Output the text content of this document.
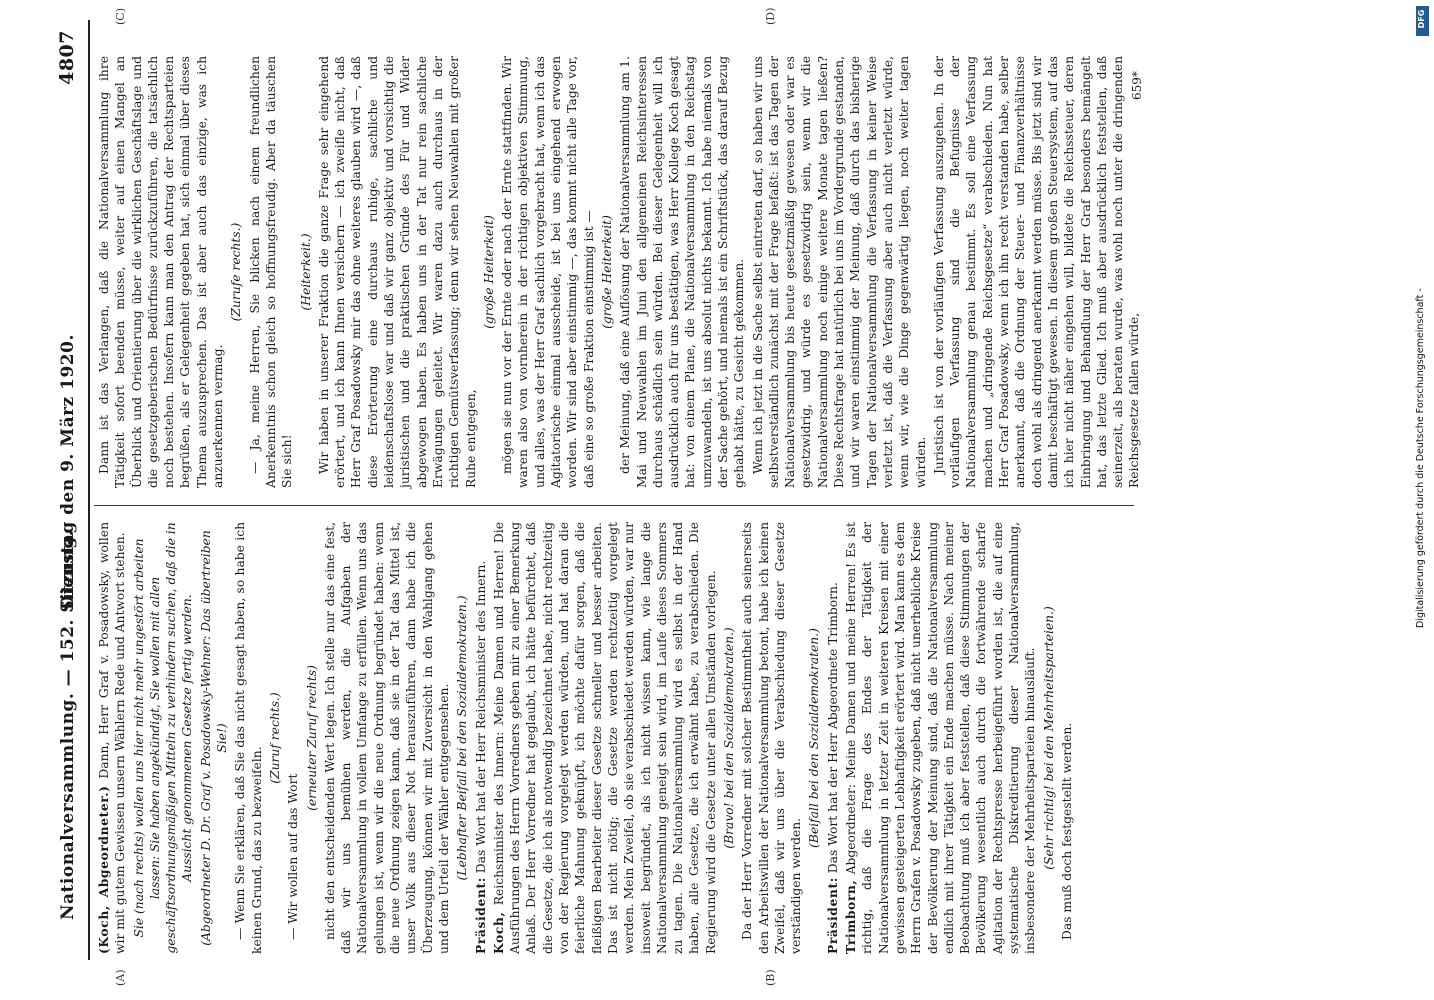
Nationalversammlung. — 152. Sitzung.
Dienstag den 9. März 1920.
4807
(A)	(B)
(C)	(D)

(Koch, Abgeordneter.) Dann, Herr Graf v. Posadowsky, wollen wir mit gutem Gewissen unsern Wählern Rede und Antwort stehen. Sie (nach rechts) wollen uns hier nicht mehr ungestört arbeiten lassen: Sie haben angekündigt, Sie wollen mit allen geschäftsordnungsmäßigen Mitteln zu verhindern suchen, daß die in Aussicht genommenen Gesetze fertig werden. (Abgeordneter D. Dr. Graf v. Posadowsky-Wehner: Das übertreiben Sie!) — Wenn Sie erklären, daß Sie das nicht gesagt haben, so habe ich keinen Grund, das zu bezweifeln.

(Zuruf rechts.)

— Wir wollen auf das Wort

(erneuter Zuruf rechts) nicht den entscheidenden Wert legen. Ich stelle nur das eine fest, daß wir uns bemühen werden, die Aufgaben der Nationalversammlung in vollem Umfange zu erfüllen. Wenn uns das gelungen ist, wenn wir die neue Ordnung begründet haben: wenn die neue Ordnung zeigen kann, daß sie in der Tat das Mittel ist, unser Volk aus dieser Not herauszuführen, dann habe ich die Überzeugung, können wir mit Zuversicht in den Wahlgang gehen und dem Urteil der Wähler entgegensehen. (Lebhafter Beifall bei den Sozialdemokraten.)

Präsident: Das Wort hat der Herr Reichsminister des Innern.

Koch, Reichsminister des Innern: Meine Damen und Herren! Die Ausführungen des Herrn Vorredners geben mir zu einer Bemerkung Anlaß. Der Herr Vorredner hat geglaubt, ich hätte befürchtet, daß die Gesetze, die ich als notwendig bezeichnet habe, nicht rechtzeitig von der Regierung vorgelegt werden würden, und hat daran die feierliche Mahnung geknüpft, ich möchte dafür sorgen, daß die fleißigen Bearbeiter dieser Gesetze schneller und besser arbeiten. Das ist nicht nötig; die Gesetze werden rechtzeitig vorgelegt werden. Mein Zweifel, ob sie verabschiedet werden würden, war nur insoweit begründet, als ich nicht wissen kann, wie lange die Nationalversammlung geneigt sein wird, im Laufe dieses Sommers zu tagen. Die Nationalversammlung wird es selbst in der Hand haben, alle Gesetze, die ich erwähnt habe, zu verabschieden. Die Regierung wird die Gesetze unter allen Umständen vorlegen. (Bravo! bei den Sozialdemokraten.) Da der Herr Vorredner mit solcher Bestimmtheit auch seinerseits den Arbeitswillen der Nationalversammlung betont, habe ich keinen Zweifel, daß wir uns über die Verabschiedung dieser Gesetze verständigen werden.

(Beifall bei den Sozialdemokraten.)

Präsident: Das Wort hat der Herr Abgeordnete Trimborn.

Trimborn, Abgeordneter: Meine Damen und meine Herren! Es ist richtig, daß die Frage des Endes der Tätigkeit der Nationalversammlung in letzter Zeit in weiteren Kreisen mit einer gewissen gesteigerten Lebhaftigkeit erörtert wird. Man kann es dem Herrn Grafen v. Posadowsky zugeben, daß nicht unerhebliche Kreise der Bevölkerung der Meinung sind, daß die Nationalversammlung endlich mit ihrer Tätigkeit ein Ende machen müsse. Nach meiner Beobachtung muß ich aber feststellen, daß diese Stimmungen der Bevölkerung wesentlich auch durch die fortwährende scharfe Agitation der Rechtspresse herbeigeführt worden ist, die auf eine systematische Diskreditierung dieser Nationalversammlung, insbesondere der Mehrheitsparteien hinausläuft. (Sehr richtig! bei den Mehrheitsparteien.) Das muß doch festgestellt werden.

Dann ist das Verlangen, daß die Nationalversammlung ihre Tätigkeit sofort beenden müsse, weiter auf einen Mangel an Überblick und Orientierung über die wirklichen Geschäftslage und die gesetzgeberischen Bedürfnisse zurückzuführen, die tatsächlich noch bestehen. Insofern kann man den Antrag der Rechtsparteien begrüßen, als er Gelegenheit gegeben hat, sich einmal über dieses Thema auszusprechen. Das ist aber auch das einzige, was ich anzuerkennen vermag.

(Zurufe rechts.) — Ja, meine Herren, Sie blicken nach einem freundlichen Anerkenntnis schon gleich so hoffnungsfreudig. Aber da täuschen Sie sich!

(Heiterkeit.) Wir haben in unserer Fraktion die ganze Frage sehr eingehend erörtert, und ich kann Ihnen versichern — ich zweifle nicht, daß Herr Graf Posadowsky mir das ohne weiteres glauben wird —, daß diese Erörterung eine durchaus ruhige, sachliche und leidenschaftslose war und daß wir ganz objektiv und vorsichtig die juristischen und die praktischen Gründe des Für und Wider abgewogen haben. Es haben uns in der Tat nur rein sachliche Erwägungen geleitet. Wir waren dazu auch durchaus in der richtigen Gemütsverfassung; denn wir sehen Neuwahlen mit großer Ruhe entgegen,

(große Heiterkeit) mögen sie nun vor der Ernte oder nach der Ernte stattfinden. Wir waren also von vornherein in der richtigen objektiven Stimmung, und alles, was der Herr Graf sachlich vorgebracht hat, wenn ich das Agitatorische einmal ausscheide, ist bei uns eingehend erwogen worden. Wir sind aber einstimmig —, das kommt nicht alle Tage vor, daß eine so große Fraktion einstimmig ist — (große Heiterkeit) der Meinung, daß eine Auflösung der Nationalversammlung am 1. Mai und Neuwahlen im Juni den allgemeinen Reichsinteressen durchaus schädlich sein würden. Bei dieser Gelegenheit will ich ausdrücklich auch für uns bestätigen, was Herr Kollege Koch gesagt hat: von einem Plane, die Nationalversammlung in den Reichstag umzuwandeln, ist uns absolut nichts bekannt. Ich habe niemals von der Sache gehört, und niemals ist ein Schriftstück, das darauf Bezug gehabt hätte, zu Gesicht gekommen. Wenn ich jetzt in die Sache selbst eintreten darf, so haben wir uns selbstverständlich zunächst mit der Frage befaßt: ist das Tagen der Nationalversammlung bis heute gesetzmäßig gewesen oder war es gesetzwidrig, und würde es gesetzwidrig sein, wenn wir die Nationalversammlung noch einige weitere Monate tagen ließen? Diese Rechtsfrage hat natürlich bei uns im Vordergrunde gestanden, und wir waren einstimmig der Meinung, daß durch das bisherige Tagen der Nationalversammlung die Verfassung in keiner Weise verletzt ist, daß die Verfassung aber auch nicht verletzt würde, wenn wir, wie die Dinge gegenwärtig liegen, noch weiter tagen würden. Juristisch ist von der vorläufigen Verfassung auszugehen. In der vorläufigen Verfassung sind die Befugnisse der Nationalversammlung genau bestimmt. Es soll eine Verfassung machen und „dringende Reichsgesetze“ verabschieden. Nun hat Herr Graf Posadowsky, wenn ich ihn recht verstanden habe, selber anerkannt, daß die Ordnung der Steuer- und Finanzverhältnisse doch wohl als dringend anerkannt werden müsse. Bis jetzt sind wir damit beschäftigt gewesen. In diesem großen Steuersystem, auf das ich hier nicht näher eingehen will, bildete die Reichssteuer, deren Einbringung und Behandlung der Herr Graf besonders bemängelt hat, das letzte Glied. Ich muß aber ausdrücklich feststellen, daß seinerzeit, als beraten wurde, was wohl noch unter die dringenden Reichsgesetze fallen würde,

659*
DFG
Digitalisierung gefördert durch die Deutsche Forschungsgemeinschaft -
